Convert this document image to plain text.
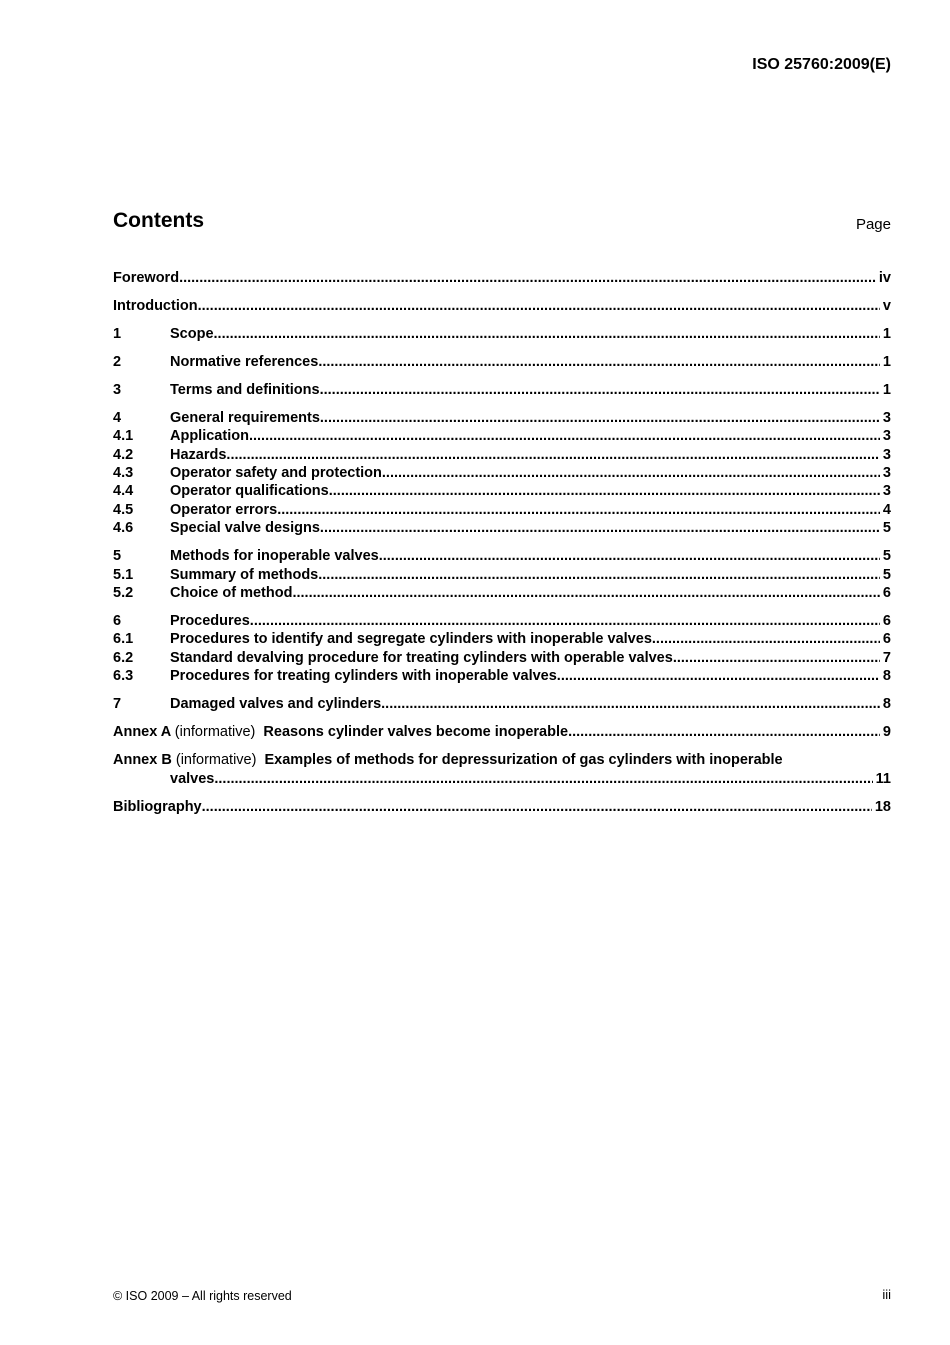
ISO 25760:2009(E)
Contents	Page
Foreword .....	iv
Introduction .....	v
1	Scope .....	1
2	Normative references .....	1
3	Terms and definitions .....	1
4	General requirements .....	3
4.1	Application .....	3
4.2	Hazards .....	3
4.3	Operator safety and protection .....	3
4.4	Operator qualifications .....	3
4.5	Operator errors .....	4
4.6	Special valve designs .....	5
5	Methods for inoperable valves .....	5
5.1	Summary of methods .....	5
5.2	Choice of method .....	6
6	Procedures .....	6
6.1	Procedures to identify and segregate cylinders with inoperable valves .....	6
6.2	Standard devalving procedure for treating cylinders with operable valves .....	7
6.3	Procedures for treating cylinders with inoperable valves .....	8
7	Damaged valves and cylinders .....	8
Annex A (informative) Reasons cylinder valves become inoperable .....	9
Annex B (informative) Examples of methods for depressurization of gas cylinders with inoperable
valves .....	11
Bibliography .....	18
© ISO 2009 – All rights reserved	iii
